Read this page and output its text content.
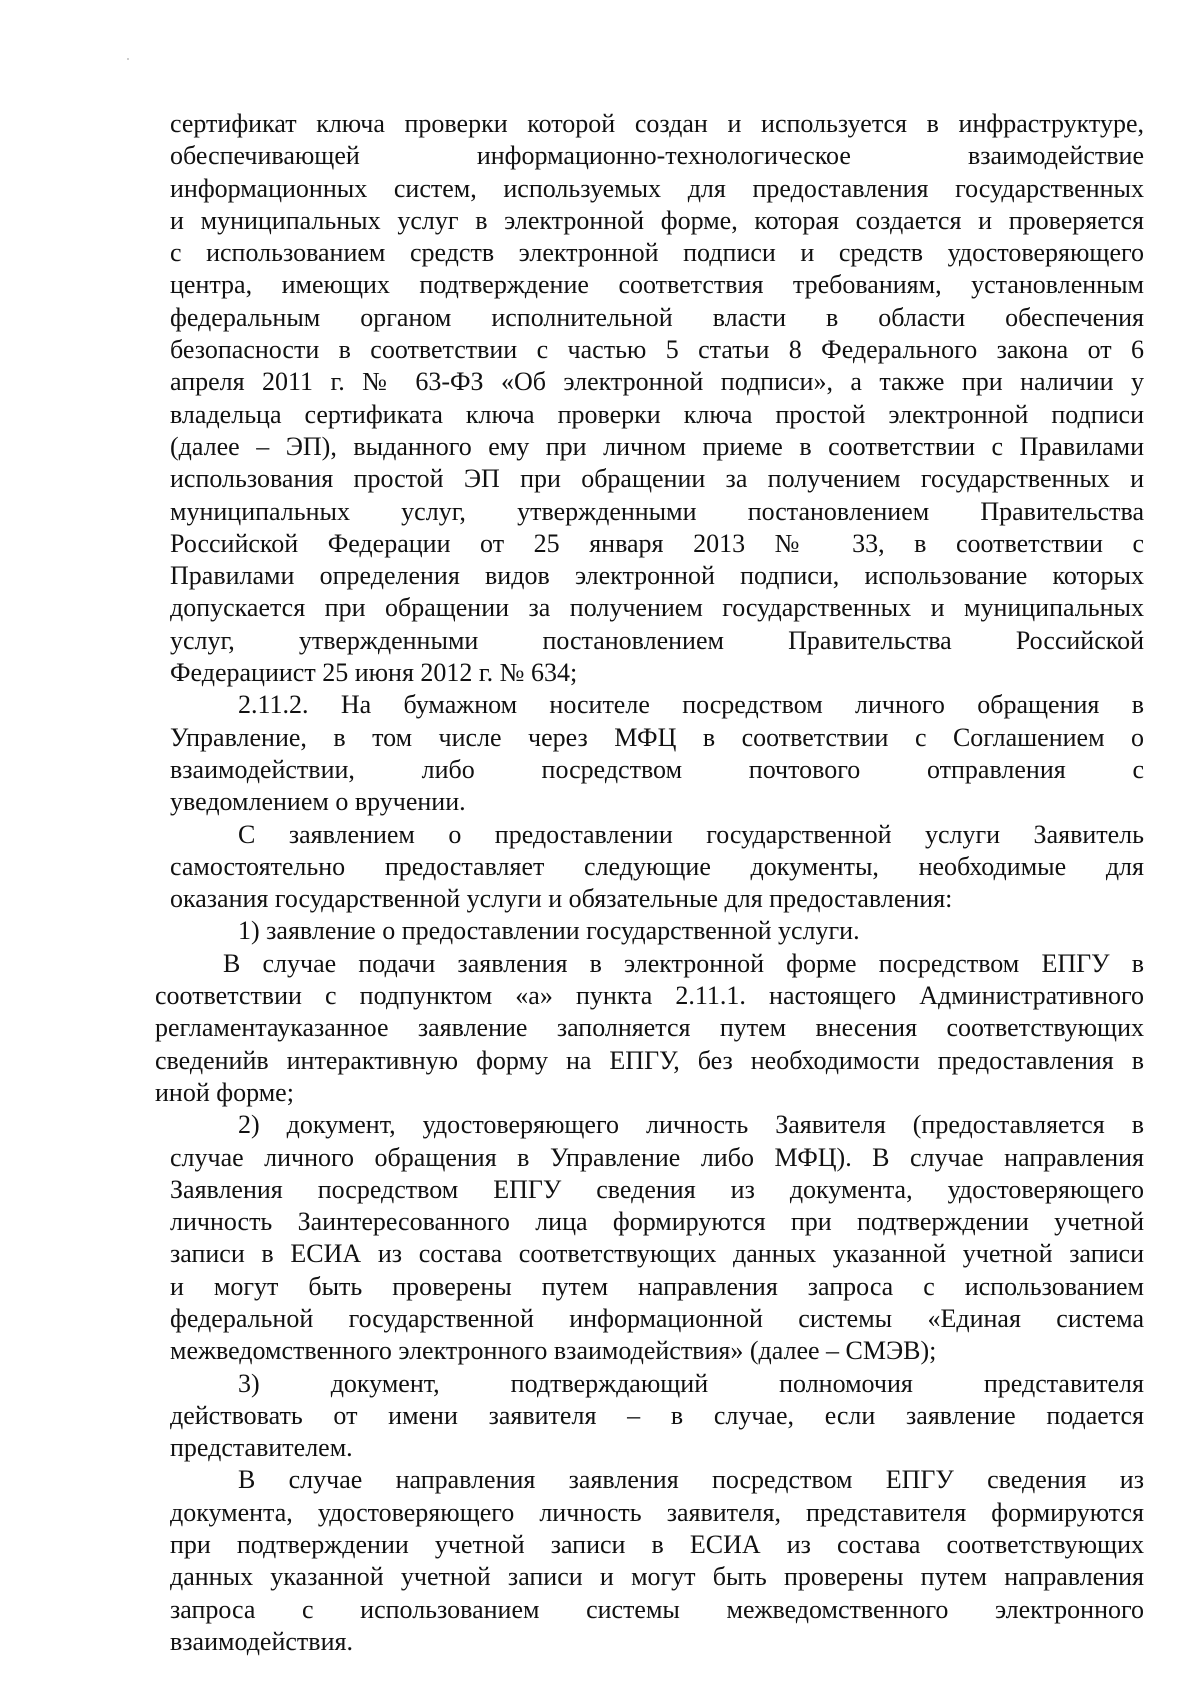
сертификат ключа проверки которой создан и используется в инфраструктуре,
обеспечивающей информационно-технологическое взаимодействие
информационных систем, используемых для предоставления государственных
и муниципальных услуг в электронной форме, которая создается и проверяется
с использованием средств электронной подписи и средств удостоверяющего
центра, имеющих подтверждение соответствия требованиям, установленным
федеральным органом исполнительной власти в области обеспечения
безопасности в соответствии с частью 5 статьи 8 Федерального закона от 6
апреля 2011 г. № 63-ФЗ «Об электронной подписи», а также при наличии у
владельца сертификата ключа проверки ключа простой электронной подписи
(далее – ЭП), выданного ему при личном приеме в соответствии с Правилами
использования простой ЭП при обращении за получением государственных и
муниципальных услуг, утвержденными постановлением Правительства
Российской Федерации от 25 января 2013 № 33, в соответствии с
Правилами определения видов электронной подписи, использование которых
допускается при обращении за получением государственных и муниципальных
услуг, утвержденными постановлением Правительства Российской
Федерациист 25 июня 2012 г. № 634;
2.11.2. На бумажном носителе посредством личного обращения в
Управление, в том числе через МФЦ в соответствии с Соглашением о
взаимодействии, либо посредством почтового отправления с
уведомлением о вручении.
С заявлением о предоставлении государственной услуги Заявитель
самостоятельно предоставляет следующие документы, необходимые для
оказания государственной услуги и обязательные для предоставления:
1) заявление о предоставлении государственной услуги.
В случае подачи заявления в электронной форме посредством ЕПГУ в
соответствии с подпунктом «а» пункта 2.11.1. настоящего Административного
регламентауказанное заявление заполняется путем внесения соответствующих
сведенийв интерактивную форму на ЕПГУ, без необходимости предоставления в
иной форме;
2) документ, удостоверяющего личность Заявителя (предоставляется в
случае личного обращения в Управление либо МФЦ). В случае направления
Заявления посредством ЕПГУ сведения из документа, удостоверяющего
личность Заинтересованного лица формируются при подтверждении учетной
записи в ЕСИА из состава соответствующих данных указанной учетной записи
и могут быть проверены путем направления запроса с использованием
федеральной государственной информационной системы «Единая система
межведомственного электронного взаимодействия» (далее – СМЭВ);
3) документ, подтверждающий полномочия представителя
действовать от имени заявителя – в случае, если заявление подается
представителем.
В случае направления заявления посредством ЕПГУ сведения из
документа, удостоверяющего личность заявителя, представителя формируются
при подтверждении учетной записи в ЕСИА из состава соответствующих
данных указанной учетной записи и могут быть проверены путем направления
запроса с использованием системы межведомственного электронного
взаимодействия.
